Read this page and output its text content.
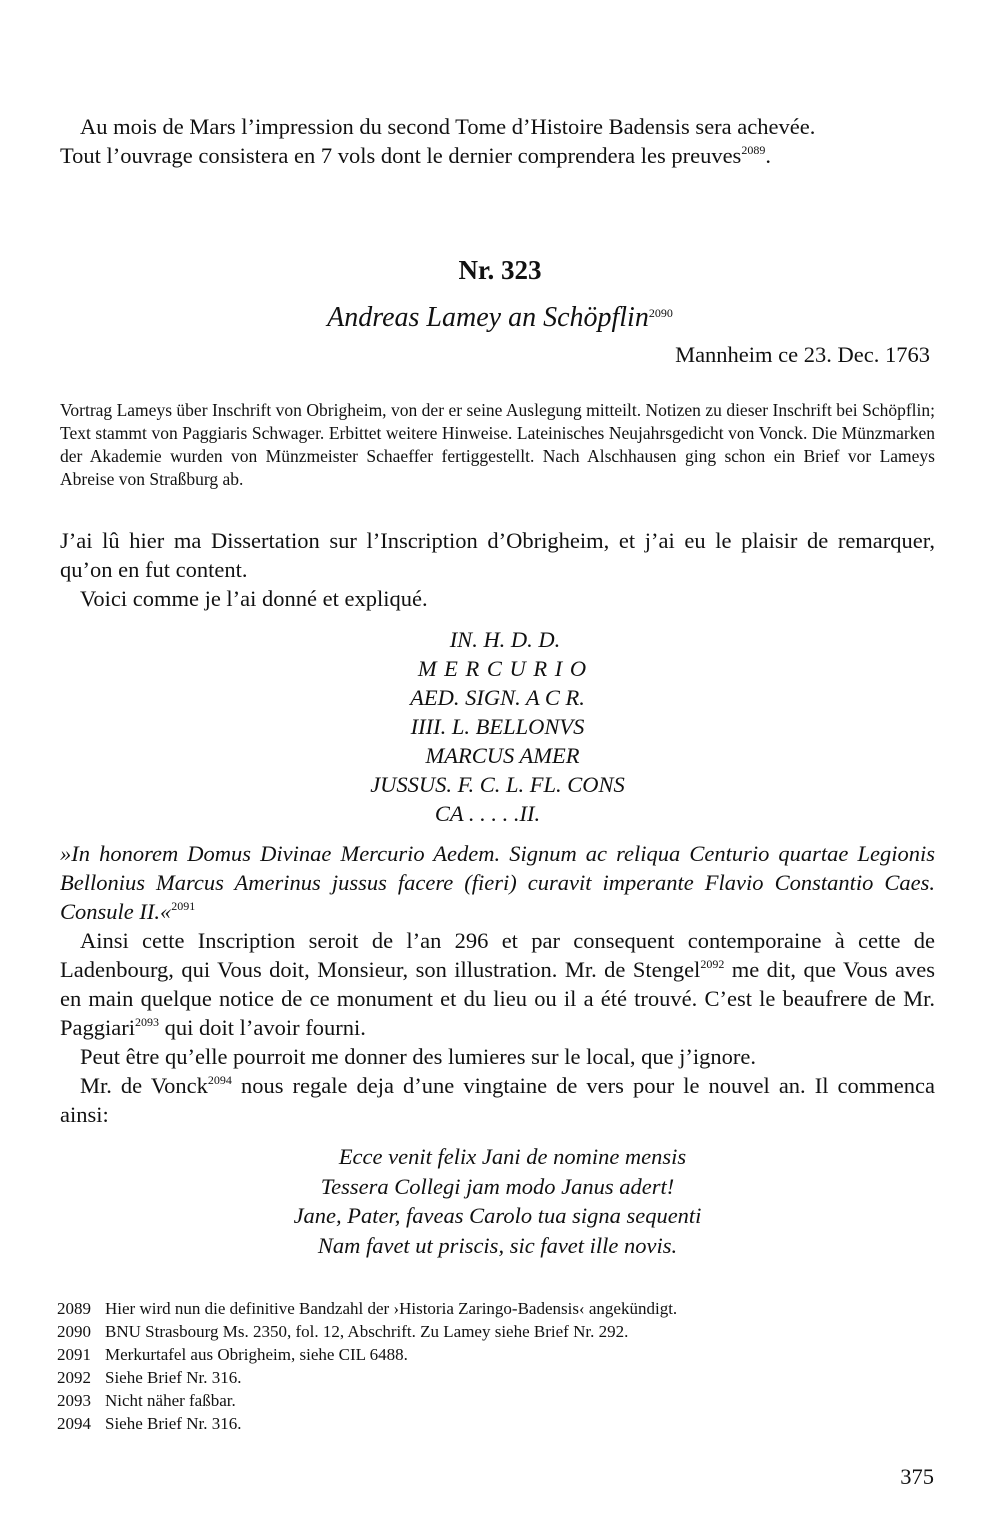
Au mois de Mars l’impression du second Tome d’Histoire Badensis sera achevée.

Tout l’ouvrage consistera en 7 vols dont le dernier comprendera les preuves$^{2089}$.

Nr. 323

Andreas Lamey an Schöpflin$^{2090}$

Mannheim ce 23. Dec. 1763

Vortrag Lameys über Inschrift von Obrigheim, von der er seine Auslegung mitteilt. Notizen zu dieser Inschrift bei Schöpflin; Text stammt von Paggiaris Schwager. Erbittet weitere Hinweise. Lateinisches Neujahrsgedicht von Vonck. Die Münzmarken der Akademie wurden von Münzmeister Schaeffer fertiggestellt. Nach Alschhausen ging schon ein Brief vor Lameys Abreise von Straßburg ab.

J’ai lû hier ma Dissertation sur l’Inscription d’Obrigheim, et j’ai eu le plaisir de remarquer, qu’on en fut content.

Voici comme je l’ai donné et expliqué.

IN. H. D. D.

M E R C U R I O

AED. SIGN. A C R.

IIII. L. BELLONVS

MARCUS AMER

JUSSUS. F. C. L. FL. CONS

CA . . . . .II.

»In honorem Domus Divinae Mercurio Aedem. Signum ac reliqua Centurio quartae Legionis Bellonius Marcus Amerinus jussus facere (fieri) curavit imperante Flavio Constantio Caes. Consule II.«$^{2091}$

Ainsi cette Inscription seroit de l’an 296 et par consequent contemporaine à cette de Ladenbourg, qui Vous doit, Monsieur, son illustration. Mr. de Stengel$^{2092}$ me dit, que Vous aves en main quelque notice de ce monument et du lieu ou il a été trouvé. C’est le beaufrere de Mr. Paggiari$^{2093}$ qui doit l’avoir fourni.

Peut être qu’elle pourroit me donner des lumieres sur le local, que j’ignore.

Mr. de Vonck$^{2094}$ nous regale deja d’une vingtaine de vers pour le nouvel an. Il commenca ainsi:

Ecce venit felix Jani de nomine mensis

Tessera Collegi jam modo Janus adert!

Jane, Pater, faveas Carolo tua signa sequenti

Nam favet ut priscis, sic favet ille novis.

2089 Hier wird nun die definitive Bandzahl der ›Historia Zaringo-Badensis‹ angekündigt.

2090 BNU Strasbourg Ms. 2350, fol. 12, Abschrift. Zu Lamey siehe Brief Nr. 292.

2091 Merkurtafel aus Obrigheim, siehe CIL 6488.

2092 Siehe Brief Nr. 316.

2093 Nicht näher faßbar.

2094 Siehe Brief Nr. 316.

375
